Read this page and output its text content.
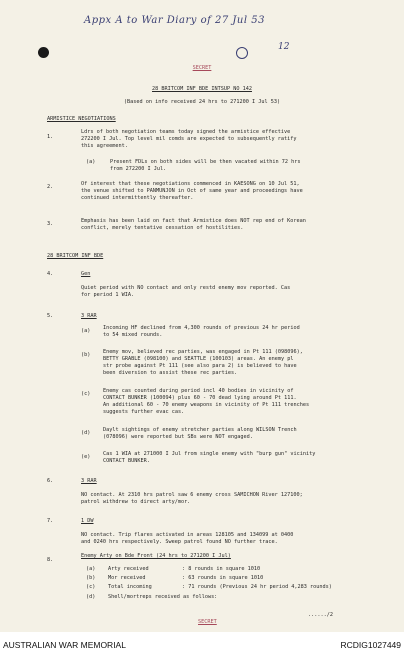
Appx A to War Diary of 27 Jul 53
12
SECRET
28 BRITCOM INF BDE INTSUP NO 142
(Based on info received 24 hrs to 271200 I Jul 53)
ARMISTICE NEGOTIATIONS
1.
Ldrs of both negotiation teams today signed the armistice effective
272200 I Jul. Top level mil comds are expected to subsequently ratify
this agreement.
(a)	Present FDLs on both sides will be then vacated within 72 hrs
from 272200 I Jul.
2.	Of interest that these negotiations commenced in KAESONG on 10 Jul 51,
the venue shifted to PANMUNJON in Oct of same year and proceedings have
continued intermittently thereafter.
3.	Emphasis has been laid on fact that Armistice does NOT rep end of Korean
conflict, merely tentative cessation of hostilities.
28 BRITCOM INF BDE
4.	Gen
Quiet period with NO contact and only restd enemy mov reported. Cas
for period 1 WIA.
5.	3 RAR
(a) Incoming HF declined from 4,300 rounds of previous 24 hr period
to 54 mixed rounds.
(b) Enemy mov, believed rec parties, was engaged in Pt 111 (098096),
BETTY GRABLE (098100) and SEATTLE (100103) areas. An enemy pl
str probe against Pt 111 (see also para 2) is believed to have
been diversion to assist these rec parties.
(c) Enemy cas counted during period incl 40 bodies in vicinity of
CONTACT BUNKER (100094) plus 60 - 70 dead lying around Pt 111.
An additional 60 - 70 enemy weapons in vicinity of Pt 111 trenches
suggests further evac cas.
(d) Daylt sightings of enemy stretcher parties along WILSON Trench
(078096) were reported but SBs were NOT engaged.
(e) Cas 1 WIA at 271000 I Jul from single enemy with "burp gun" vicinity
CONTACT BUNKER.
6.	3 RAR
NO contact. At 2310 hrs patrol saw 6 enemy cross SAMICHON River 127100;
patrol withdrew to direct arty/mor.
7.	1 DW
NO contact. Trip flares activated in areas 128105 and 134099 at 0400
and 0240 hrs respectively. Sweep patrol found NO further trace.
8.
Enemy Arty on Bde Front (24 hrs to 271200 I Jul)
(a) Arty received	: 8 rounds in square 1010
(b) Mor received	: 63 rounds in square 1010
(c) Total incoming	: 71 rounds (Previous 24 hr period 4,283 rounds)
(d) Shell/mortreps received as follows:
....../2
SECRET
AUSTRALIAN WAR MEMORIAL	RCDIG1027449
